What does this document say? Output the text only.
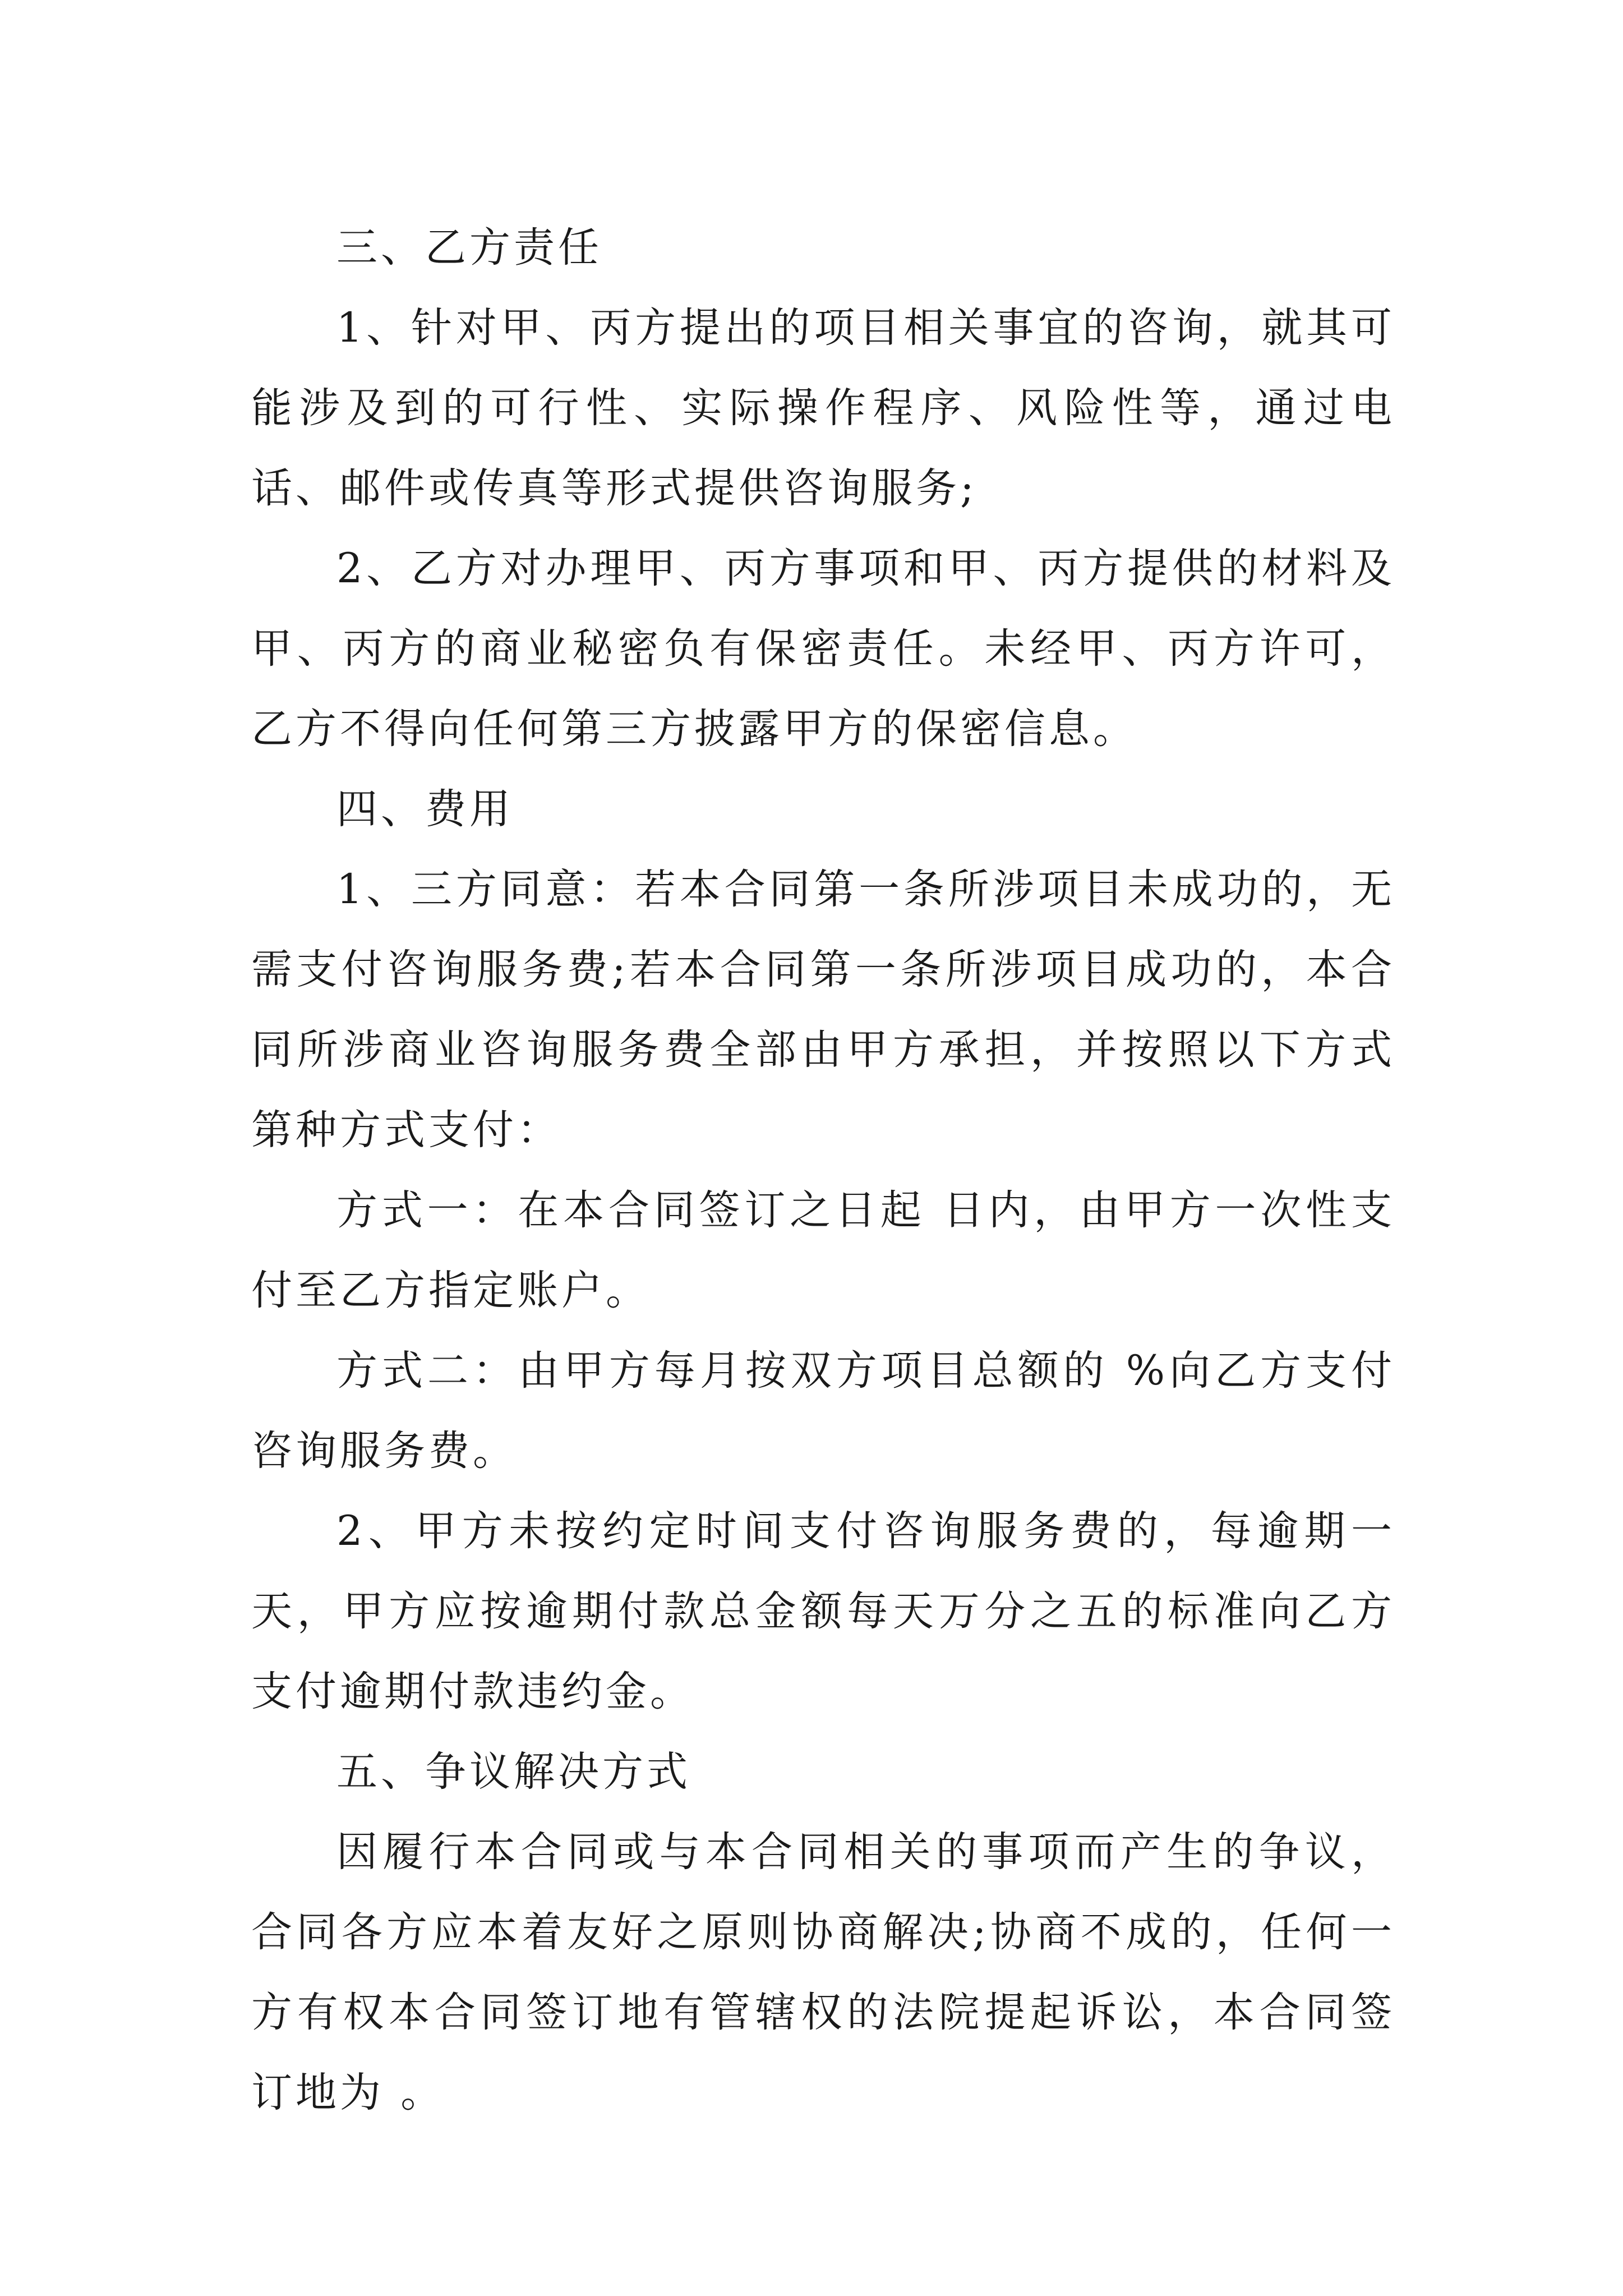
三、乙方责任

1、针对甲、丙方提出的项目相关事宜的咨询，就其可能涉及到的可行性、实际操作程序、风险性等，通过电话、邮件或传真等形式提供咨询服务;

2、乙方对办理甲、丙方事项和甲、丙方提供的材料及甲、丙方的商业秘密负有保密责任。未经甲、丙方许可，乙方不得向任何第三方披露甲方的保密信息。

四、费用

1、三方同意：若本合同第一条所涉项目未成功的，无需支付咨询服务费;若本合同第一条所涉项目成功的，本合同所涉商业咨询服务费全部由甲方承担，并按照以下方式第种方式支付：

方式一：在本合同签订之日起 日内，由甲方一次性支付至乙方指定账户。

方式二：由甲方每月按双方项目总额的 %向乙方支付咨询服务费。

2、甲方未按约定时间支付咨询服务费的，每逾期一天，甲方应按逾期付款总金额每天万分之五的标准向乙方支付逾期付款违约金。

五、争议解决方式

因履行本合同或与本合同相关的事项而产生的争议，合同各方应本着友好之原则协商解决;协商不成的，任何一方有权本合同签订地有管辖权的法院提起诉讼，本合同签订地为 。
